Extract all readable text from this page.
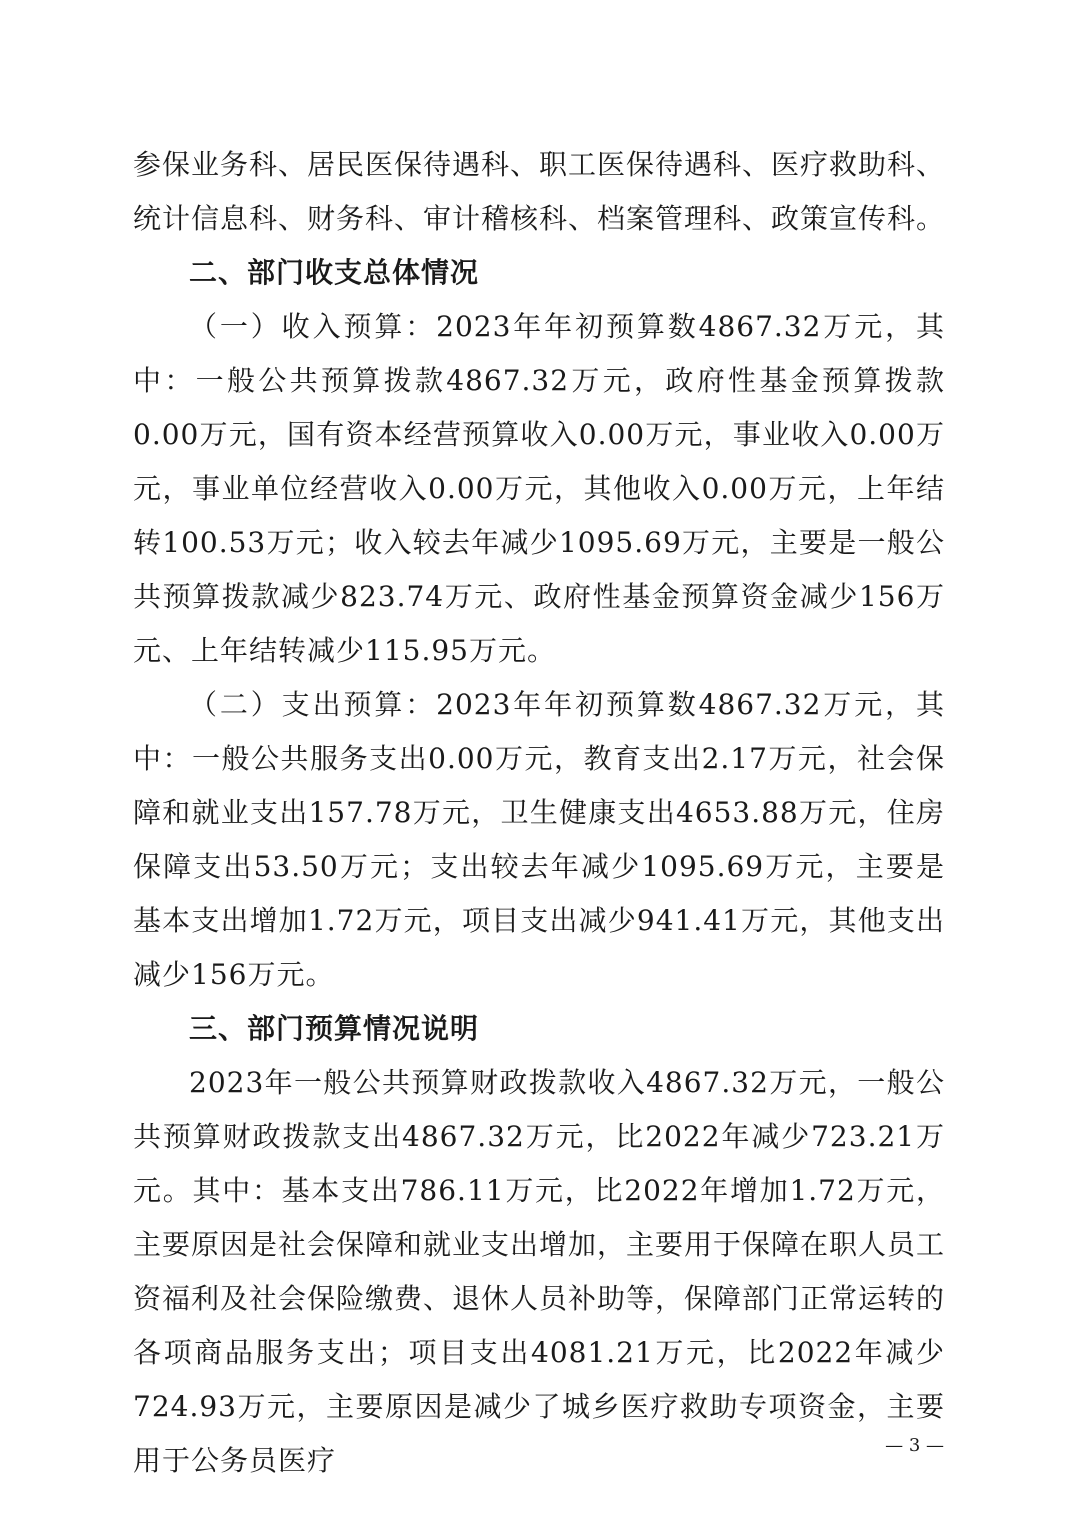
参保业务科、居民医保待遇科、职工医保待遇科、医疗救助科、统计信息科、财务科、审计稽核科、档案管理科、政策宣传科。

二、部门收支总体情况

（一）收入预算：2023年年初预算数4867.32万元，其中：一般公共预算拨款4867.32万元，政府性基金预算拨款0.00万元，国有资本经营预算收入0.00万元，事业收入0.00万元，事业单位经营收入0.00万元，其他收入0.00万元，上年结转100.53万元；收入较去年减少1095.69万元，主要是一般公共预算拨款减少823.74万元、政府性基金预算资金减少156万元、上年结转减少115.95万元。

（二）支出预算：2023年年初预算数4867.32万元，其中：一般公共服务支出0.00万元，教育支出2.17万元，社会保障和就业支出157.78万元，卫生健康支出4653.88万元，住房保障支出53.50万元；支出较去年减少1095.69万元，主要是基本支出增加1.72万元，项目支出减少941.41万元，其他支出减少156万元。

三、部门预算情况说明

2023年一般公共预算财政拨款收入4867.32万元，一般公共预算财政拨款支出4867.32万元，比2022年减少723.21万元。其中：基本支出786.11万元，比2022年增加1.72万元，主要原因是社会保障和就业支出增加，主要用于保障在职人员工资福利及社会保险缴费、退休人员补助等，保障部门正常运转的各项商品服务支出；项目支出4081.21万元，比2022年减少724.93万元，主要原因是减少了城乡医疗救助专项资金，主要用于公务员医疗	— 3 —
